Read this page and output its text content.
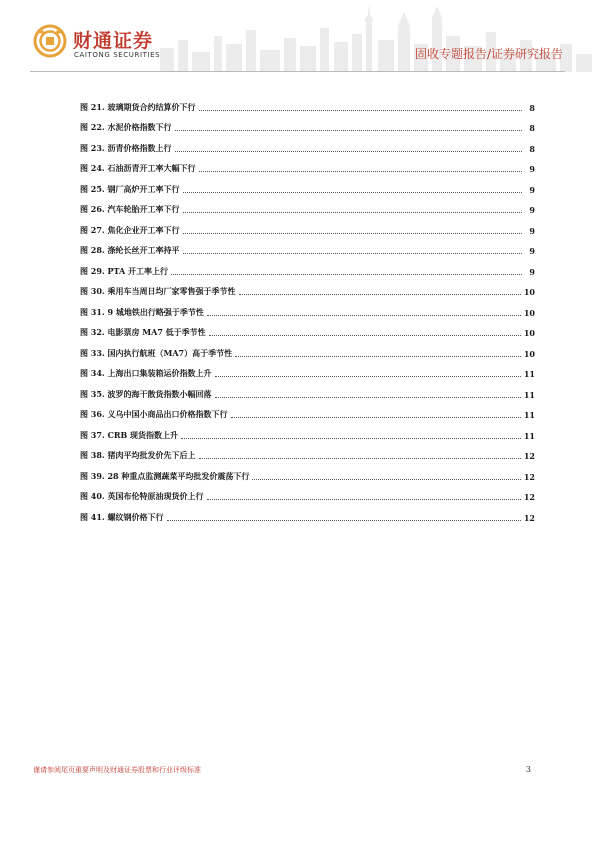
财通证券
CAITONG SECURITIES	固收专题报告/证券研究报告
图 21. 玻璃期货合约结算价下行	8
图 22. 水泥价格指数下行	8
图 23. 沥青价格指数上行	8
图 24. 石油沥青开工率大幅下行	9
图 25. 钢厂高炉开工率下行	9
图 26. 汽车轮胎开工率下行	9
图 27. 焦化企业开工率下行	9
图 28. 涤纶长丝开工率持平	9
图 29. PTA 开工率上行	9
图 30. 乘用车当周日均厂家零售强于季节性	10
图 31. 9 城地铁出行略强于季节性	10
图 32. 电影票房 MA7 低于季节性	10
图 33. 国内执行航班（MA7）高于季节性	10
图 34. 上海出口集装箱运价指数上升	11
图 35. 波罗的海干散货指数小幅回落	11
图 36. 义乌中国小商品出口价格指数下行	11
图 37. CRB 现货指数上升	11
图 38. 猪肉平均批发价先下后上	12
图 39. 28 种重点监测蔬菜平均批发价震荡下行	12
图 40. 英国布伦特原油现货价上行	12
图 41. 螺纹钢价格下行	12
谨请参阅尾页重要声明及财通证券股票和行业评级标准	3
